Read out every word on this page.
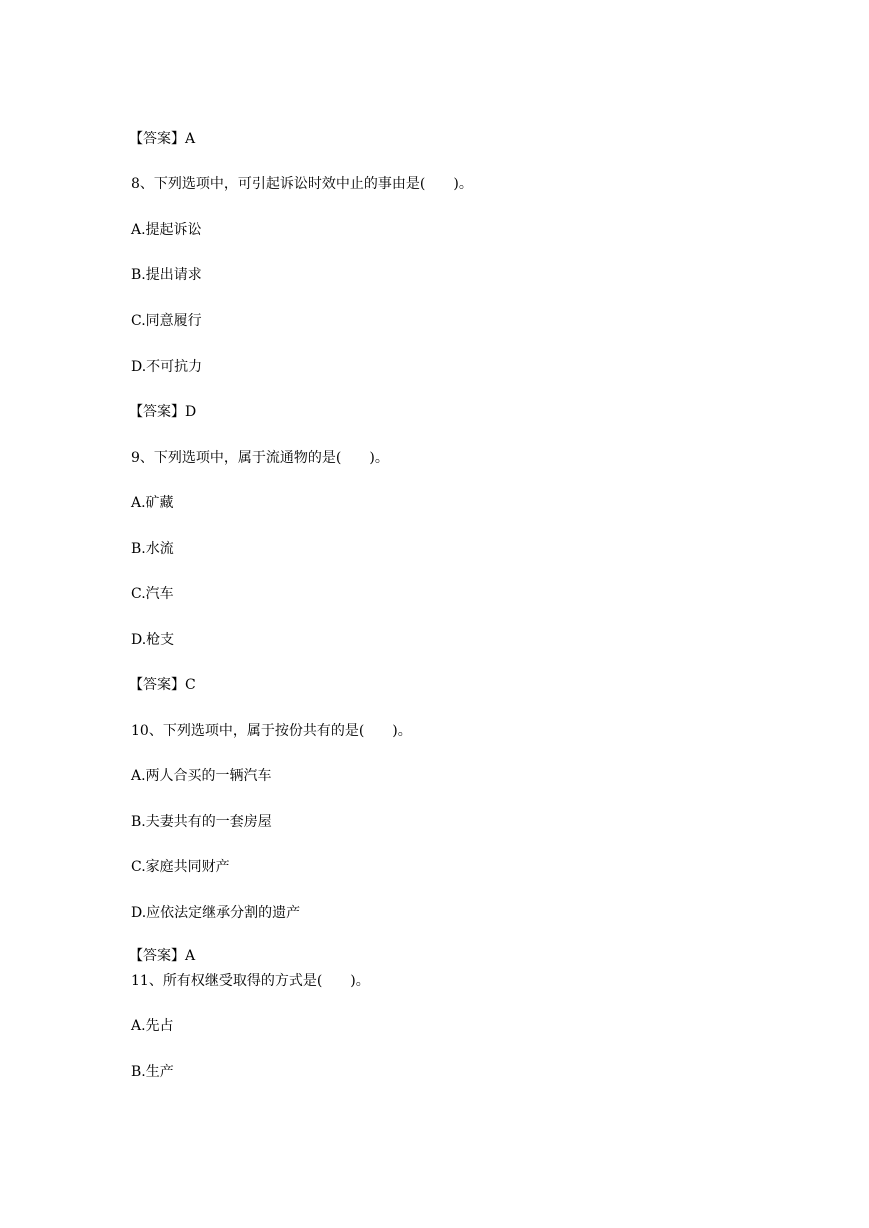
【答案】A
8、下列选项中，可引起诉讼时效中止的事由是(　　)。
A.提起诉讼
B.提出请求
C.同意履行
D.不可抗力
【答案】D
9、下列选项中，属于流通物的是(　　)。
A.矿藏
B.水流
C.汽车
D.枪支
【答案】C
10、下列选项中，属于按份共有的是(　　)。
A.两人合买的一辆汽车
B.夫妻共有的一套房屋
C.家庭共同财产
D.应依法定继承分割的遗产
【答案】A
11、所有权继受取得的方式是(　　)。
A.先占
B.生产
